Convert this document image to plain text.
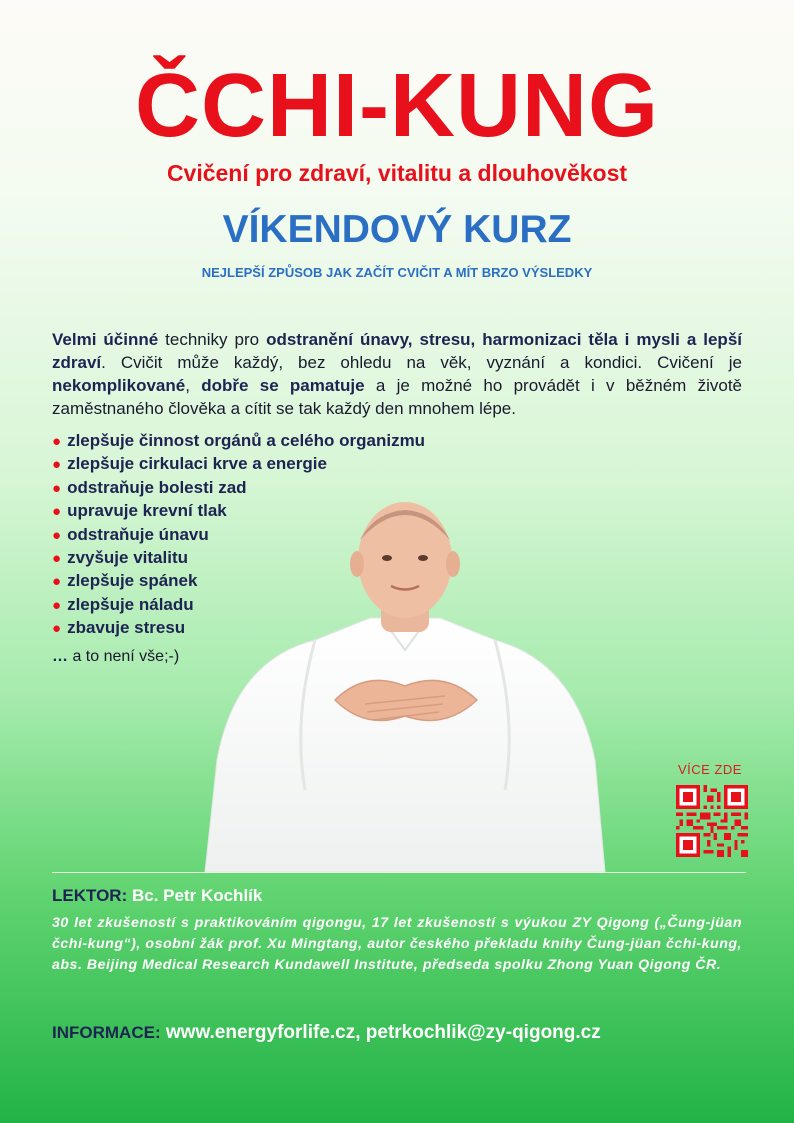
ČCHI-KUNG
Cvičení pro zdraví, vitalitu a dlouhověkost
VÍKENDOVÝ KURZ
NEJLEPŠÍ ZPŮSOB JAK ZAČÍT CVIČIT A MÍT BRZO VÝSLEDKY
Velmi účinné techniky pro odstranění únavy, stresu, harmonizaci těla i mysli a lepší zdraví. Cvičit může každý, bez ohledu na věk, vyznání a kondici. Cvičení je nekomplikované, dobře se pamatuje a je možné ho provádět i v běžném životě zaměstnaného člověka a cítit se tak každý den mnohem lépe.
● zlepšuje činnost orgánů a celého organizmu
● zlepšuje cirkulaci krve a energie
● odstraňuje bolesti zad
● upravuje krevní tlak
● odstraňuje únavu
● zvyšuje vitalitu
● zlepšuje spánek
● zlepšuje náladu
● zbavuje stresu
… a to není vše;-)
VÍCE ZDE
LEKTOR: Bc. Petr Kochlík
30 let zkušeností s praktikováním qigongu, 17 let zkušeností s výukou ZY Qigong („Čung-jüan čchi-kung“), osobní žák prof. Xu Mingtang, autor českého překladu knihy Čung-jüan čchi-kung, abs. Beijing Medical Research Kundawell Institute, předseda spolku Zhong Yuan Qigong ČR.
INFORMACE: www.energyforlife.cz, petrkochlik@zy-qigong.cz
